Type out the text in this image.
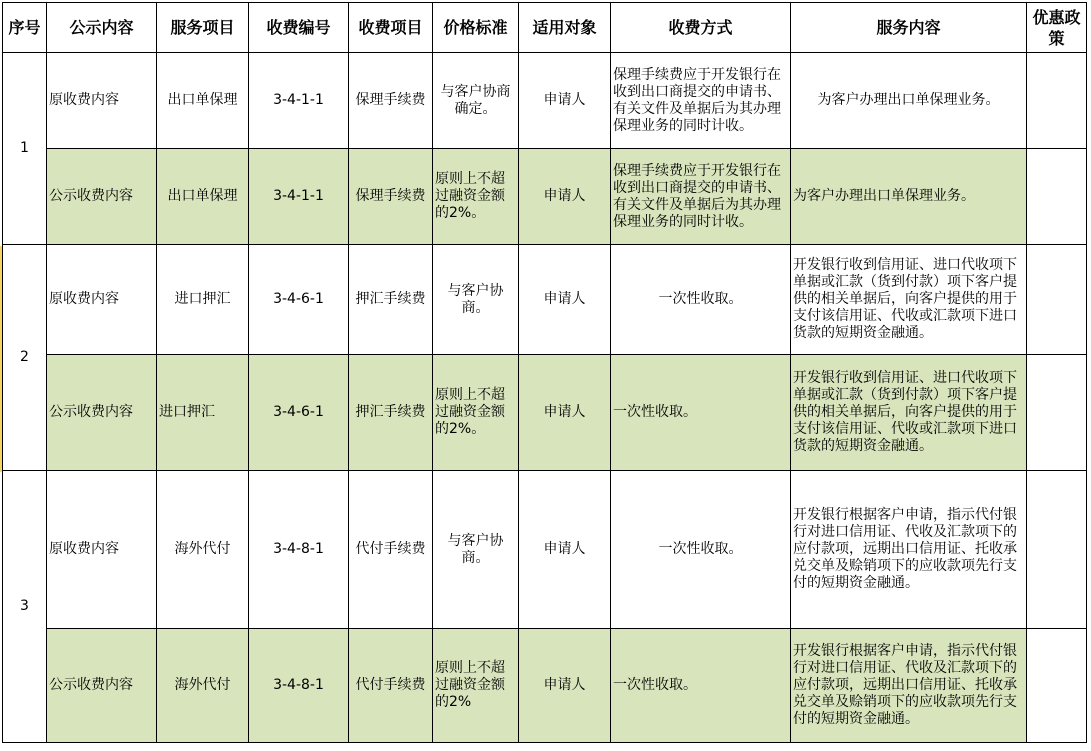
序号	公示内容	服务项目	收费编号	收费项目	价格标准	适用对象	收费方式	服务内容	优惠政策
1	原收费内容	出口单保理	3-4-1-1	保理手续费	与客户协商确定。	申请人	保理手续费应于开发银行在收到出口商提交的申请书、有关文件及单据后为其办理保理业务的同时计收。	为客户办理出口单保理业务。	
	公示收费内容	出口单保理	3-4-1-1	保理手续费	原则上不超过融资金额的2%。	申请人	保理手续费应于开发银行在收到出口商提交的申请书、有关文件及单据后为其办理保理业务的同时计收。	为客户办理出口单保理业务。	
2	原收费内容	进口押汇	3-4-6-1	押汇手续费	与客户协商。	申请人	一次性收取。	开发银行收到信用证、进口代收项下单据或汇款（货到付款）项下客户提供的相关单据后，向客户提供的用于支付该信用证、代收或汇款项下进口货款的短期资金融通。	
	公示收费内容	进口押汇	3-4-6-1	押汇手续费	原则上不超过融资金额的2%。	申请人	一次性收取。	开发银行收到信用证、进口代收项下单据或汇款（货到付款）项下客户提供的相关单据后，向客户提供的用于支付该信用证、代收或汇款项下进口货款的短期资金融通。	
3	原收费内容	海外代付	3-4-8-1	代付手续费	与客户协商。	申请人	一次性收取。	开发银行根据客户申请，指示代付银行对进口信用证、代收及汇款项下的应付款项，远期出口信用证、托收承兑交单及赊销项下的应收款项先行支付的短期资金融通。	
	公示收费内容	海外代付	3-4-8-1	代付手续费	原则上不超过融资金额的2%	申请人	一次性收取。	开发银行根据客户申请，指示代付银行对进口信用证、代收及汇款项下的应付款项，远期出口信用证、托收承兑交单及赊销项下的应收款项先行支付的短期资金融通。	
